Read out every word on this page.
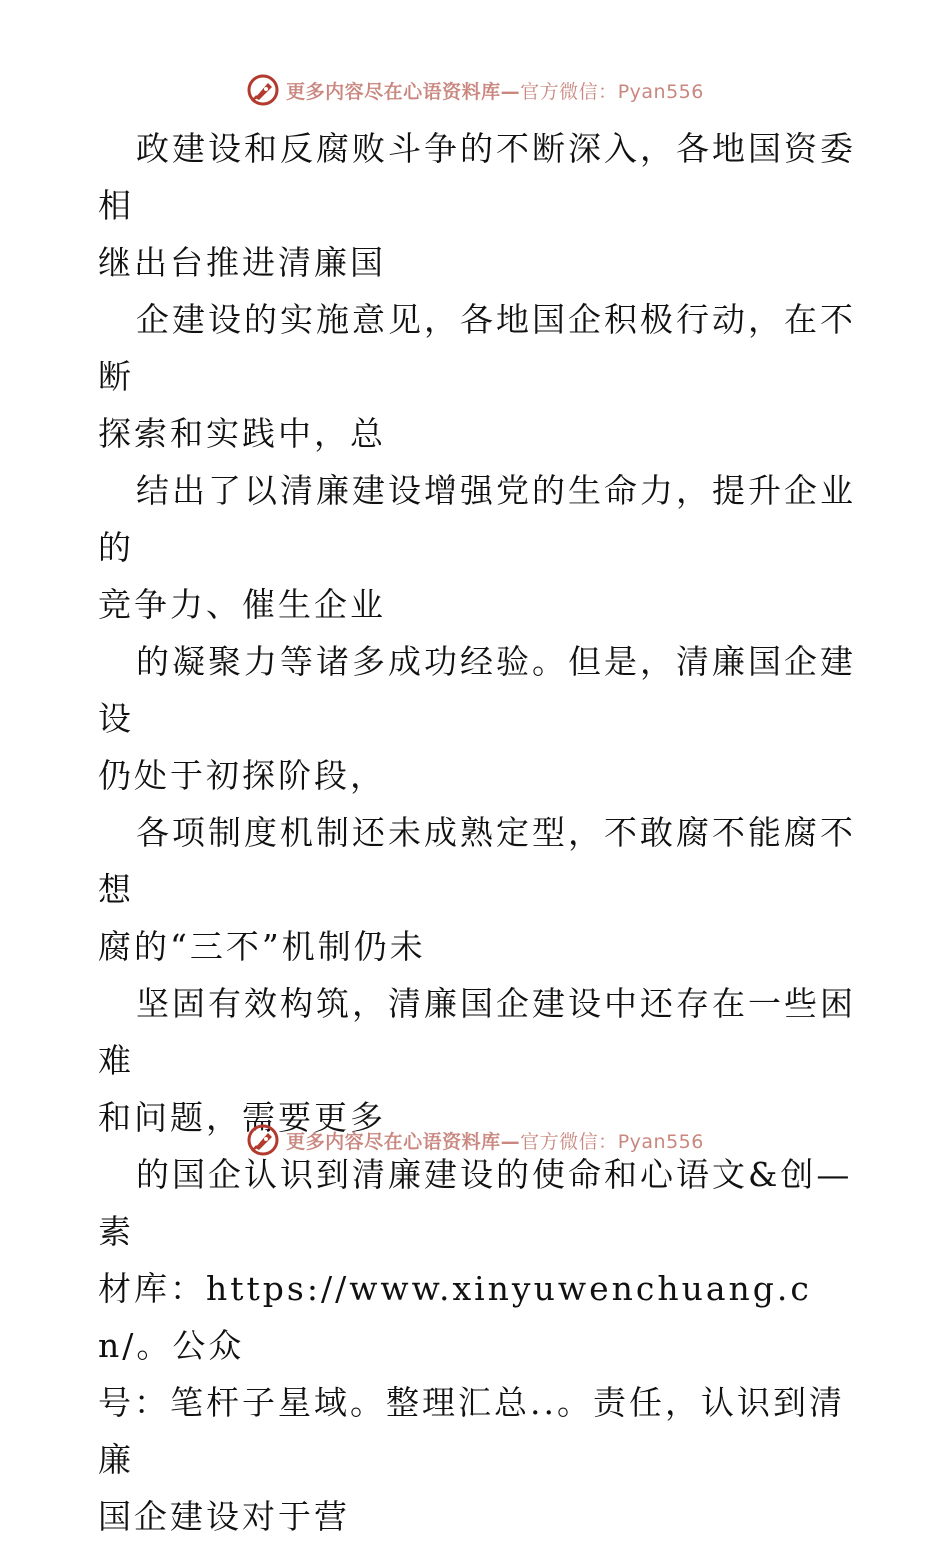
更多内容尽在心语资料库—官方微信：Pyan556

政建设和反腐败斗争的不断深入，各地国资委相
继出台推进清廉国

企建设的实施意见，各地国企积极行动，在不断
探索和实践中，总

结出了以清廉建设增强党的生命力，提升企业的
竞争力、催生企业

的凝聚力等诸多成功经验。但是，清廉国企建设
仍处于初探阶段，

各项制度机制还未成熟定型，不敢腐不能腐不想
腐的“三不”机制仍未

坚固有效构筑，清廉国企建设中还存在一些困难
和问题，需要更多

的国企认识到清廉建设的使命和心语文&创—素
材库：https://www.xinyuwenchuang.cn/。公众
号：笔杆子星域。整理汇总..。责任，认识到清廉
国企建设对于营

更多内容尽在心语资料库—官方微信：Pyan556
